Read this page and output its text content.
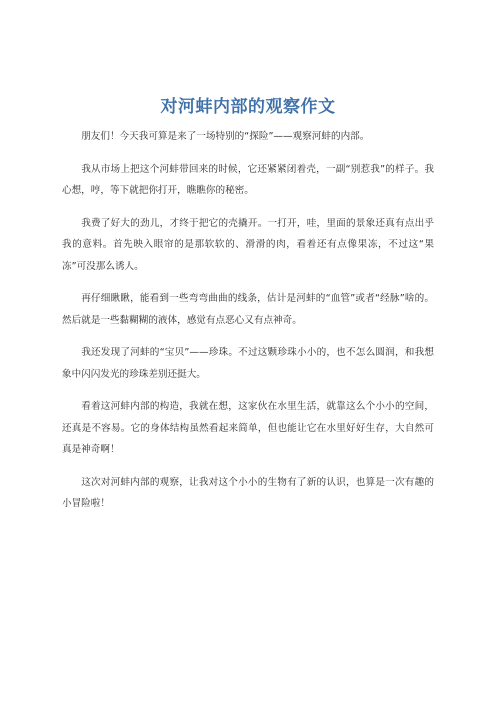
对河蚌内部的观察作文

朋友们！今天我可算是来了一场特别的“探险”——观察河蚌的内部。

我从市场上把这个河蚌带回来的时候，它还紧紧闭着壳，一副“别惹我”的样子。我心想，哼，等下就把你打开，瞧瞧你的秘密。

我费了好大的劲儿，才终于把它的壳撬开。一打开，哇，里面的景象还真有点出乎我的意料。首先映入眼帘的是那软软的、滑滑的肉，看着还有点像果冻，不过这“果冻”可没那么诱人。

再仔细瞅瞅，能看到一些弯弯曲曲的线条，估计是河蚌的“血管”或者“经脉”啥的。然后就是一些黏糊糊的液体，感觉有点恶心又有点神奇。

我还发现了河蚌的“宝贝”——珍珠。不过这颗珍珠小小的，也不怎么圆润，和我想象中闪闪发光的珍珠差别还挺大。

看着这河蚌内部的构造，我就在想，这家伙在水里生活，就靠这么个小小的空间，还真是不容易。它的身体结构虽然看起来简单，但也能让它在水里好好生存，大自然可真是神奇啊！

这次对河蚌内部的观察，让我对这个小小的生物有了新的认识，也算是一次有趣的小冒险啦！
